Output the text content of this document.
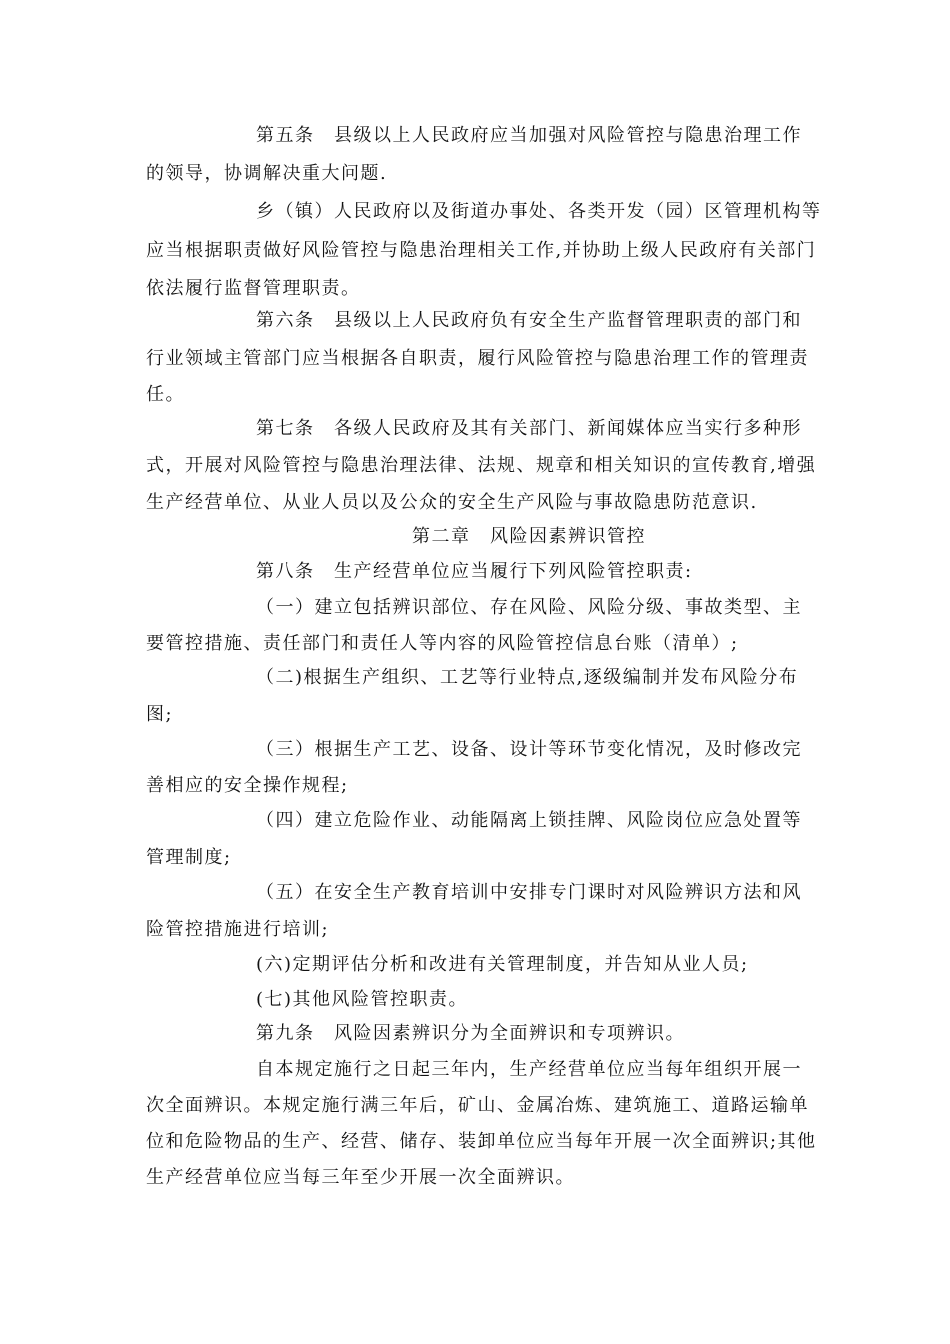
第五条　县级以上人民政府应当加强对风险管控与隐患治理工作
的领导，协调解决重大问题.
乡（镇）人民政府以及街道办事处、各类开发（园）区管理机构等
应当根据职责做好风险管控与隐患治理相关工作,并协助上级人民政府有关部门
依法履行监督管理职责。
第六条　县级以上人民政府负有安全生产监督管理职责的部门和
行业领域主管部门应当根据各自职责，履行风险管控与隐患治理工作的管理责
任。
第七条　各级人民政府及其有关部门、新闻媒体应当实行多种形
式，开展对风险管控与隐患治理法律、法规、规章和相关知识的宣传教育,增强
生产经营单位、从业人员以及公众的安全生产风险与事故隐患防范意识.
第二章　风险因素辨识管控
第八条　生产经营单位应当履行下列风险管控职责:
（一）建立包括辨识部位、存在风险、风险分级、事故类型、主
要管控措施、责任部门和责任人等内容的风险管控信息台账（清单）;
（二)根据生产组织、工艺等行业特点,逐级编制并发布风险分布
图;
（三）根据生产工艺、设备、设计等环节变化情况，及时修改完
善相应的安全操作规程;
（四）建立危险作业、动能隔离上锁挂牌、风险岗位应急处置等
管理制度;
（五）在安全生产教育培训中安排专门课时对风险辨识方法和风
险管控措施进行培训;
(六)定期评估分析和改进有关管理制度，并告知从业人员;
(七)其他风险管控职责。
第九条　风险因素辨识分为全面辨识和专项辨识。
自本规定施行之日起三年内，生产经营单位应当每年组织开展一
次全面辨识。本规定施行满三年后，矿山、金属冶炼、建筑施工、道路运输单
位和危险物品的生产、经营、储存、装卸单位应当每年开展一次全面辨识;其他
生产经营单位应当每三年至少开展一次全面辨识。
